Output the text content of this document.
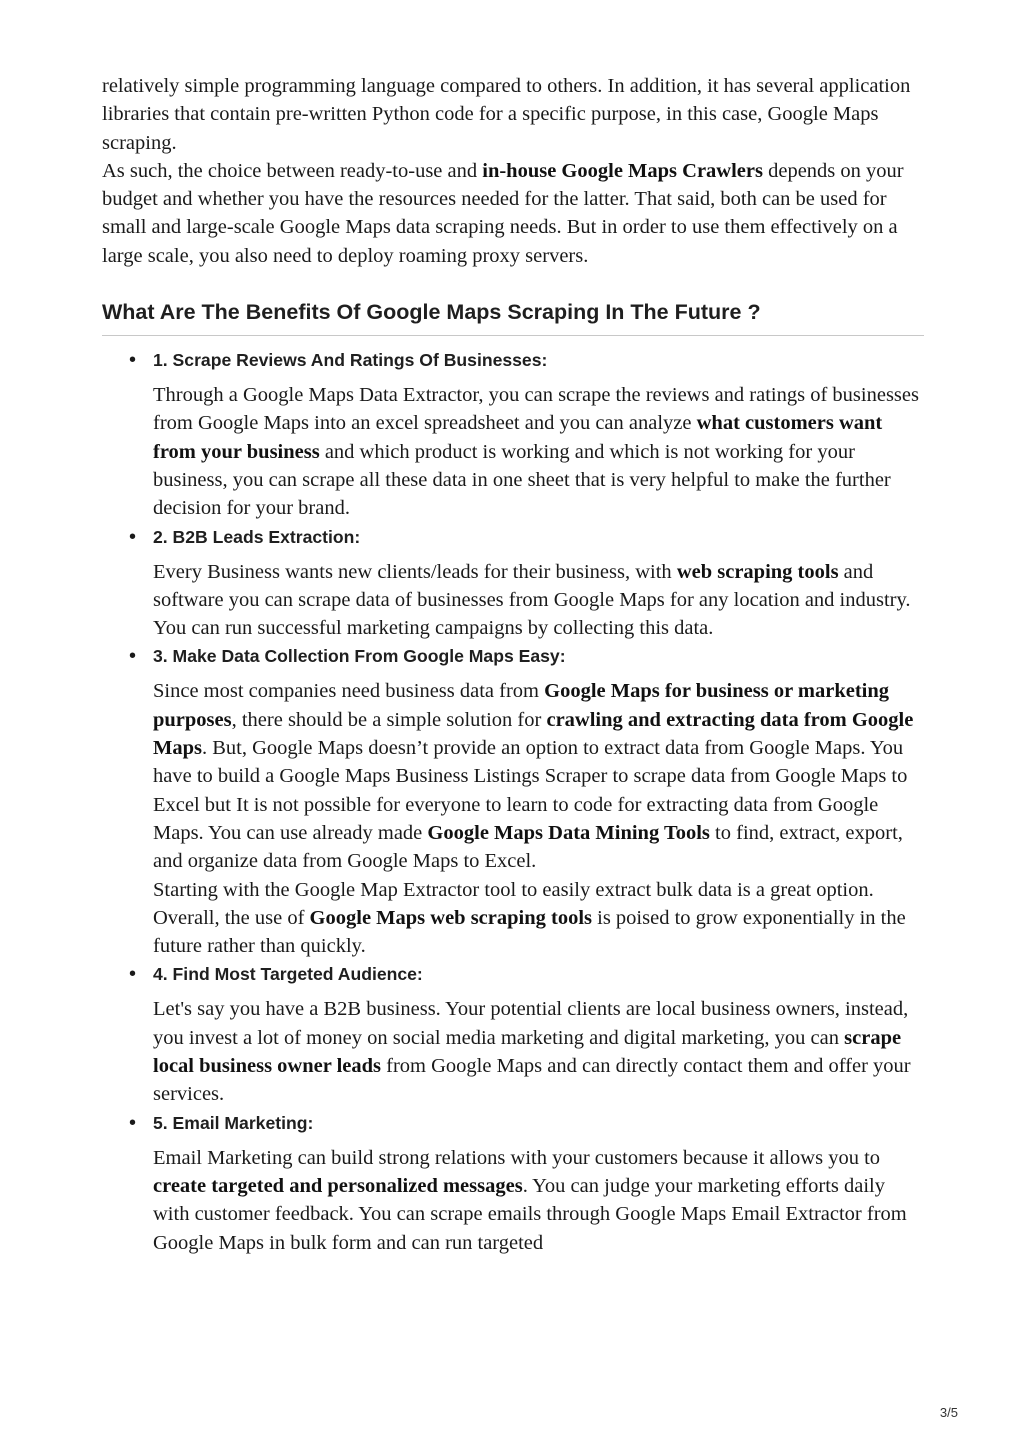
relatively simple programming language compared to others. In addition, it has several application libraries that contain pre-written Python code for a specific purpose, in this case, Google Maps scraping.

As such, the choice between ready-to-use and in-house Google Maps Crawlers depends on your budget and whether you have the resources needed for the latter. That said, both can be used for small and large-scale Google Maps data scraping needs. But in order to use them effectively on a large scale, you also need to deploy roaming proxy servers.

What Are The Benefits Of Google Maps Scraping In The Future ?
• 1. Scrape Reviews And Ratings Of Businesses:

Through a Google Maps Data Extractor, you can scrape the reviews and ratings of businesses from Google Maps into an excel spreadsheet and you can analyze what customers want from your business and which product is working and which is not working for your business, you can scrape all these data in one sheet that is very helpful to make the further decision for your brand.

• 2. B2B Leads Extraction:

Every Business wants new clients/leads for their business, with web scraping tools and software you can scrape data of businesses from Google Maps for any location and industry. You can run successful marketing campaigns by collecting this data.

• 3. Make Data Collection From Google Maps Easy:

Since most companies need business data from Google Maps for business or marketing purposes, there should be a simple solution for crawling and extracting data from Google Maps. But, Google Maps doesn’t provide an option to extract data from Google Maps. You have to build a Google Maps Business Listings Scraper to scrape data from Google Maps to Excel but It is not possible for everyone to learn to code for extracting data from Google Maps. You can use already made Google Maps Data Mining Tools to find, extract, export, and organize data from Google Maps to Excel.

Starting with the Google Map Extractor tool to easily extract bulk data is a great option. Overall, the use of Google Maps web scraping tools is poised to grow exponentially in the future rather than quickly.

• 4. Find Most Targeted Audience:

Let's say you have a B2B business. Your potential clients are local business owners, instead, you invest a lot of money on social media marketing and digital marketing, you can scrape local business owner leads from Google Maps and can directly contact them and offer your services.

• 5. Email Marketing:

Email Marketing can build strong relations with your customers because it allows you to create targeted and personalized messages. You can judge your marketing efforts daily with customer feedback. You can scrape emails through Google Maps Email Extractor from Google Maps in bulk form and can run targeted

3/5
